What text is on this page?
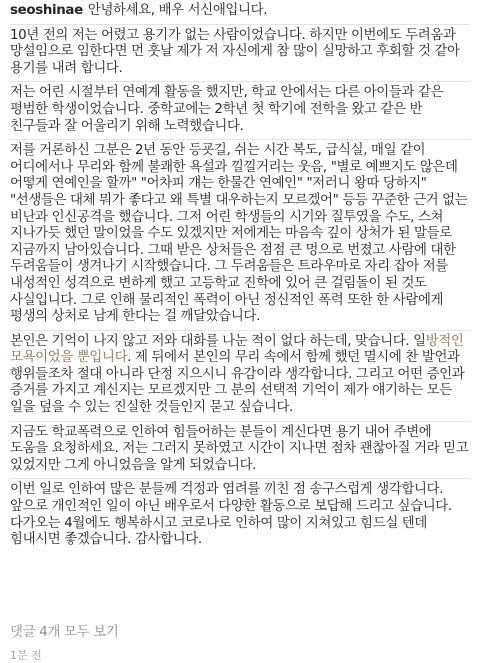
seoshinae 안녕하세요, 배우 서신애입니다.

10년 전의 저는 어렸고 용기가 없는 사람이었습니다. 하지만 이번에도 두려움과 망설임으로 임한다면 먼 훗날 제가 저 자신에게 참 많이 실망하고 후회할 것 같아 용기를 내려 합니다.

저는 어린 시절부터 연예계 활동을 했지만, 학교 안에서는 다른 아이들과 같은 평범한 학생이었습니다. 중학교에는 2학년 첫 학기에 전학을 왔고 같은 반 친구들과 잘 어울리기 위해 노력했습니다.

저를 거론하신 그분은 2년 동안 등굣길, 쉬는 시간 복도, 급식실, 매일 같이 어디에서나 무리와 함께 불쾌한 욕설과 낄낄거리는 웃음, "별로 예쁘지도 않은데 어떻게 연예인을 할까" "어차피 걔는 한물간 연예인" "저러니 왕따 당하지" "선생들은 대체 뭐가 좋다고 왜 특별 대우하는지 모르겠어" 등등 꾸준한 근거 없는 비난과 인신공격을 했습니다. 그저 어린 학생들의 시기와 질투였을 수도, 스쳐 지나가듯 했던 말이었을 수도 있겠지만 저에게는 마음속 깊이 상처가 된 말들로 지금까지 남아있습니다. 그때 받은 상처들은 점점 큰 멍으로 번졌고 사람에 대한 두려움들이 생겨나기 시작했습니다. 그 두려움들은 트라우마로 자리 잡아 저를 내성적인 성격으로 변하게 했고 고등학교 진학에 있어 큰 걸림돌이 된 것도 사실입니다. 그로 인해 물리적인 폭력이 아닌 정신적인 폭력 또한 한 사람에게 평생의 상처로 남게 한다는 걸 깨달았습니다.

본인은 기억이 나지 않고 저와 대화를 나눈 적이 없다 하는데, 맞습니다. 일방적인 모욕이었을 뿐입니다. 제 뒤에서 본인의 무리 속에서 함께 했던 멸시에 찬 발언과 행위들조차 절대 아니라 단정 지으시니 유감이라 생각합니다. 그리고 어떤 증인과 증거를 가지고 계신지는 모르겠지만 그 분의 선택적 기억이 제가 얘기하는 모든 일을 덮을 수 있는 진실한 것들인지 묻고 싶습니다.

지금도 학교폭력으로 인하여 힘들어하는 분들이 계신다면 용기 내어 주변에 도움을 요청하세요. 저는 그러지 못하였고 시간이 지나면 점차 괜찮아질 거라 믿고 있었지만 그게 아니었음을 알게 되었습니다.

이번 일로 인하여 많은 분들께 걱정과 염려를 끼친 점 송구스럽게 생각합니다. 앞으로 개인적인 일이 아닌 배우로서 다양한 활동으로 보답해 드리고 싶습니다. 다가오는 4월에도 행복하시고 코로나로 인하여 많이 지쳐있고 힘드실 텐데 힘내시면 좋겠습니다. 감사합니다.

댓글 4개 모두 보기
1분 전
